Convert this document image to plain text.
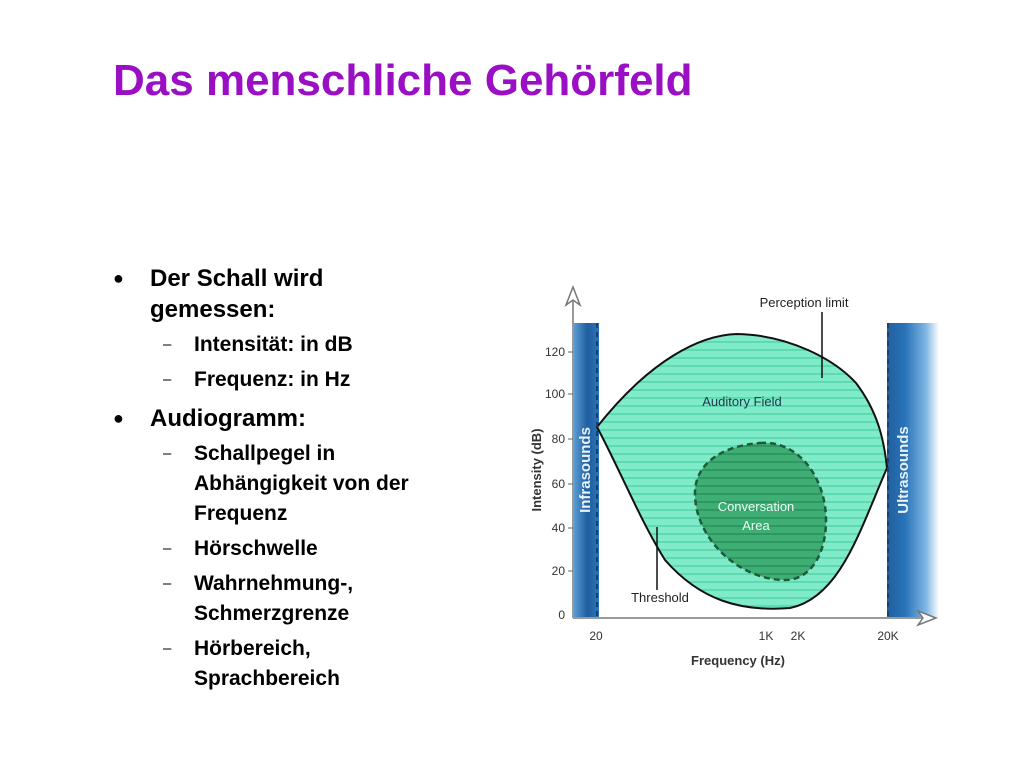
Das menschliche Gehörfeld
● Der Schall wird
gemessen:
– Intensität: in dB
– Frequenz: in Hz
● Audiogramm:
– Schallpegel in
Abhängigkeit von der
Frequenz
– Hörschwelle
– Wahrnehmung-,
Schmerzgrenze
– Hörbereich,
Sprachbereich
120
100
80
60
40
20
0
20	1K 2K	20K
Frequency (Hz)
Intensity (dB) Infrasounds	Ultrasounds
Perception limit
Auditory Field
Conversation
Area
Threshold
